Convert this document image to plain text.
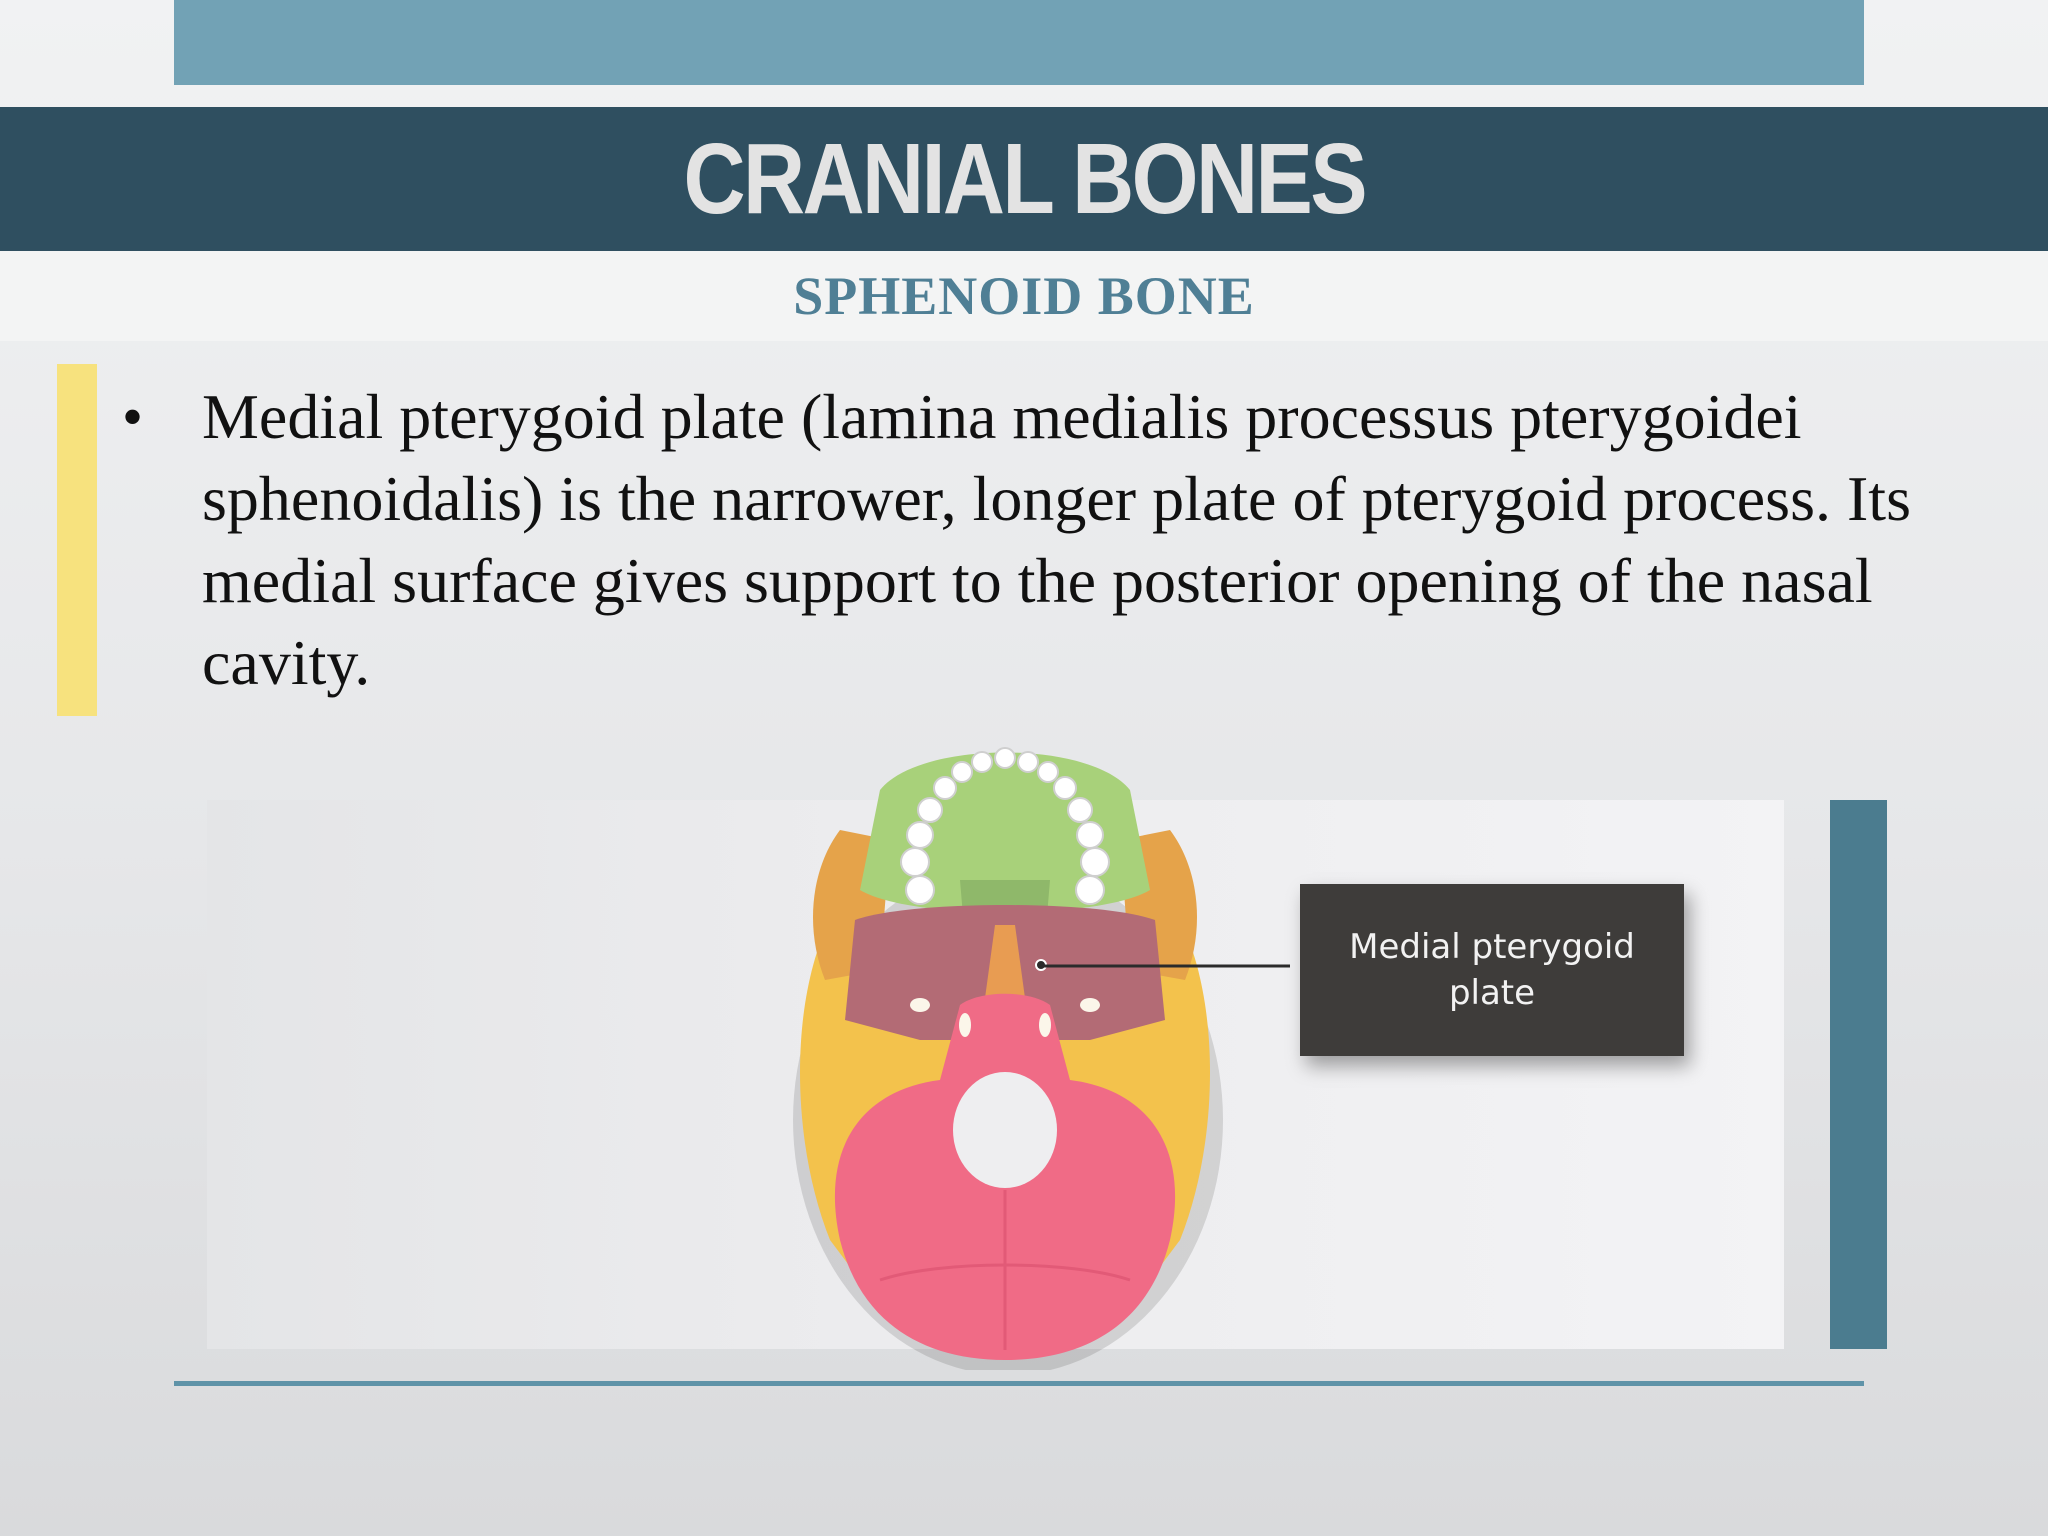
CRANIAL BONES
SPHENOID BONE
• Medial pterygoid plate (lamina medialis processus pterygoidei sphenoidalis) is the narrower, longer plate of pterygoid process. Its medial surface gives support to the posterior opening of the nasal cavity.
Medial pterygoid plate
